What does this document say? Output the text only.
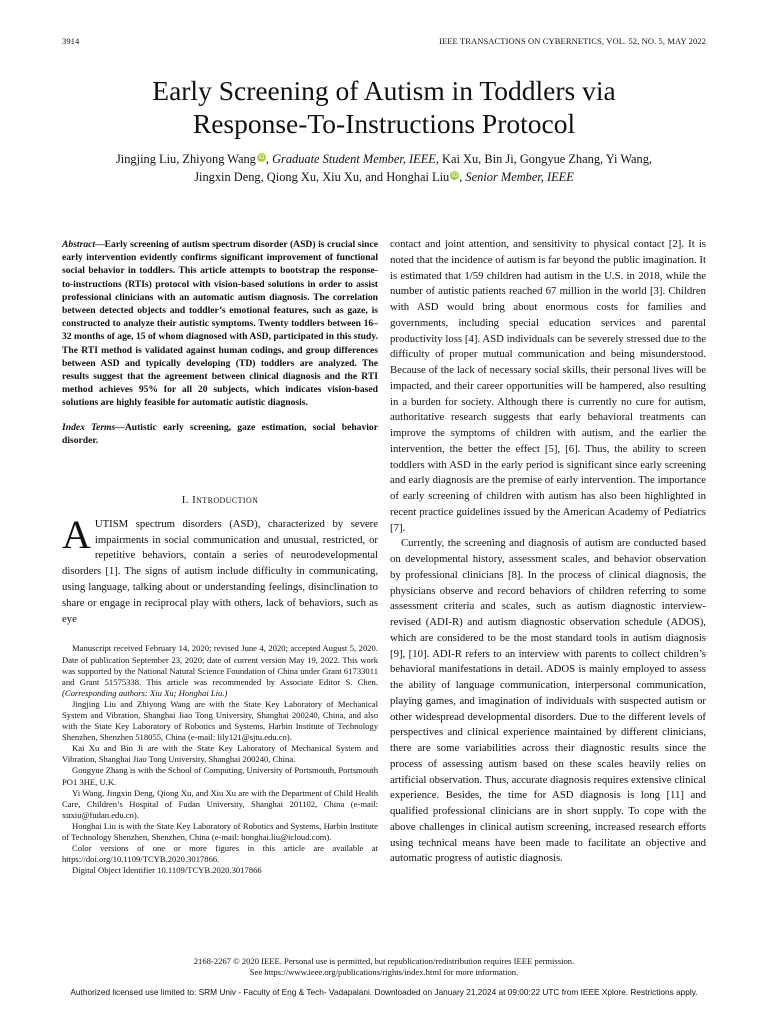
3914	IEEE TRANSACTIONS ON CYBERNETICS, VOL. 52, NO. 5, MAY 2022
Early Screening of Autism in Toddlers via
Response-To-Instructions Protocol
Jingjing Liu, Zhiyong Wang iD, Graduate Student Member, IEEE, Kai Xu, Bin Ji, Gongyue Zhang, Yi Wang,
Jingxin Deng, Qiong Xu, Xiu Xu, and Honghai Liu iD, Senior Member, IEEE

Abstract—Early screening of autism spectrum disorder (ASD) is crucial since early intervention evidently confirms significant improvement of functional social behavior in toddlers. This article attempts to bootstrap the response-to-instructions (RTIs) protocol with vision-based solutions in order to assist professional clinicians with an automatic autism diagnosis. The correlation between detected objects and toddler’s emotional features, such as gaze, is constructed to analyze their autistic symptoms. Twenty toddlers between 16–32 months of age, 15 of whom diagnosed with ASD, participated in this study. The RTI method is validated against human codings, and group differences between ASD and typically developing (TD) toddlers are analyzed. The results suggest that the agreement between clinical diagnosis and the RTI method achieves 95% for all 20 subjects, which indicates vision-based solutions are highly feasible for automatic autistic diagnosis.

Index Terms—Autistic early screening, gaze estimation, social behavior disorder.

I. Introduction

AUTISM spectrum disorders (ASD), characterized by severe impairments in social communication and unusual, restricted, or repetitive behaviors, contain a series of neurodevelopmental disorders [1]. The signs of autism include difficulty in communicating, using language, talking about or understanding feelings, disinclination to share or engage in reciprocal play with others, lack of behaviors, such as eye

Manuscript received February 14, 2020; revised June 4, 2020; accepted August 5, 2020. Date of publication September 23, 2020; date of current version May 19, 2022. This work was supported by the National Natural Science Foundation of China under Grant 61733011 and Grant 51575338. This article was recommended by Associate Editor S. Chen. (Corresponding authors: Xiu Xu; Honghai Liu.)

Jingjing Liu and Zhiyong Wang are with the State Key Laboratory of Mechanical System and Vibration, Shanghai Jiao Tong University, Shanghai 200240, China, and also with the State Key Laboratory of Robotics and Systems, Harbin Institute of Technology Shenzhen, Shenzhen 518055, China (e-mail: lily121@sjtu.edu.cn).

Kai Xu and Bin Ji are with the State Key Laboratory of Mechanical System and Vibration, Shanghai Jiao Tong University, Shanghai 200240, China.

Gongyue Zhang is with the School of Computing, University of Portsmouth, Portsmouth PO1 3HE, U.K.

Yi Wang, Jingxin Deng, Qiong Xu, and Xiu Xu are with the Department of Child Health Care, Children’s Hospital of Fudan University, Shanghai 201102, China (e-mail: xuxiu@fudan.edu.cn).

Honghai Liu is with the State Key Laboratory of Robotics and Systems, Harbin Institute of Technology Shenzhen, Shenzhen, China (e-mail: honghai.liu@icloud.com).

Color versions of one or more figures in this article are available at https://doi.org/10.1109/TCYB.2020.3017866.

Digital Object Identifier 10.1109/TCYB.2020.3017866

contact and joint attention, and sensitivity to physical contact [2]. It is noted that the incidence of autism is far beyond the public imagination. It is estimated that 1/59 children had autism in the U.S. in 2018, while the number of autistic patients reached 67 million in the world [3]. Children with ASD would bring about enormous costs for families and governments, including special education services and parental productivity loss [4]. ASD individuals can be severely stressed due to the difficulty of proper mutual communication and being misunderstood. Because of the lack of necessary social skills, their personal lives will be impacted, and their career opportunities will be hampered, also resulting in a burden for society. Although there is currently no cure for autism, authoritative research suggests that early behavioral treatments can improve the symptoms of children with autism, and the earlier the intervention, the better the effect [5], [6]. Thus, the ability to screen toddlers with ASD in the early period is significant since early screening and early diagnosis are the premise of early intervention. The importance of early screening of children with autism has also been highlighted in recent practice guidelines issued by the American Academy of Pediatrics [7].

Currently, the screening and diagnosis of autism are conducted based on developmental history, assessment scales, and behavior observation by professional clinicians [8]. In the process of clinical diagnosis, the physicians observe and record behaviors of children referring to some assessment criteria and scales, such as autism diagnostic interview-revised (ADI-R) and autism diagnostic observation schedule (ADOS), which are considered to be the most standard tools in autism diagnosis [9], [10]. ADI-R refers to an interview with parents to collect children’s behavioral manifestations in detail. ADOS is mainly employed to assess the ability of language communication, interpersonal communication, playing games, and imagination of individuals with suspected autism or other widespread developmental disorders. Due to the different levels of perspectives and clinical experience maintained by different clinicians, there are some variabilities across their diagnostic results since the process of assessing autism based on these scales heavily relies on artificial observation. Thus, accurate diagnosis requires extensive clinical experience. Besides, the time for ASD diagnosis is long [11] and qualified professional clinicians are in short supply. To cope with the above challenges in clinical autism screening, increased research efforts using technical means have been made to facilitate an objective and automatic progress of autistic diagnosis.

2168-2267 © 2020 IEEE. Personal use is permitted, but republication/redistribution requires IEEE permission.
See https://www.ieee.org/publications/rights/index.html for more information.
Authorized licensed use limited to: SRM Univ - Faculty of Eng & Tech- Vadapalani. Downloaded on January 21,2024 at 09:00:22 UTC from IEEE Xplore. Restrictions apply.
